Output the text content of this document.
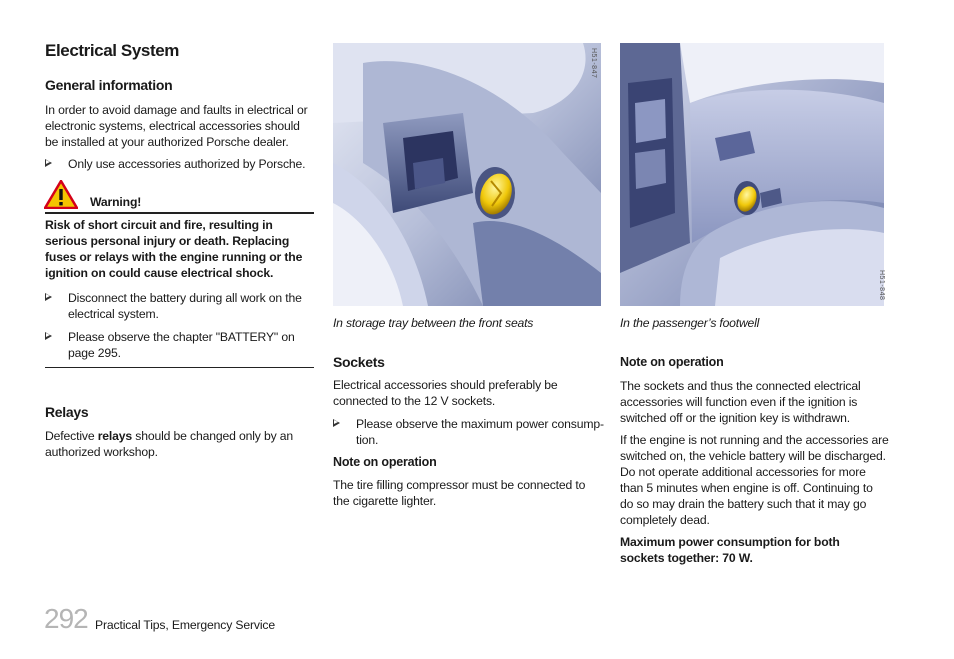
Electrical System
General information
In order to avoid damage and faults in electrical or
electronic systems, electrical accessories should
be installed at your authorized Porsche dealer.
Only use accessories authorized by Porsche.
Warning!
Risk of short circuit and fire, resulting in
serious personal injury or death. Replacing
fuses or relays with the engine running or the
ignition on could cause electrical shock.
Disconnect the battery during all work on the
electrical system.
Please observe the chapter "BATTERY" on
page 295.
Relays
Defective relays should be changed only by an
authorized workshop.
H51-847
In storage tray between the front seats
Sockets
Electrical accessories should preferably be
connected to the 12 V sockets.
Please observe the maximum power consump-
tion.
Note on operation
The tire filling compressor must be connected to
the cigarette lighter.
H51-848
In the passenger’s footwell
Note on operation
The sockets and thus the connected electrical
accessories will function even if the ignition is
switched off or the ignition key is withdrawn.
If the engine is not running and the accessories are
switched on, the vehicle battery will be discharged.
Do not operate additional accessories for more
than 5 minutes when engine is off. Continuing to
do so may drain the battery such that it may go
completely dead.
Maximum power consumption for both
sockets together: 70 W.
292 Practical Tips, Emergency Service
